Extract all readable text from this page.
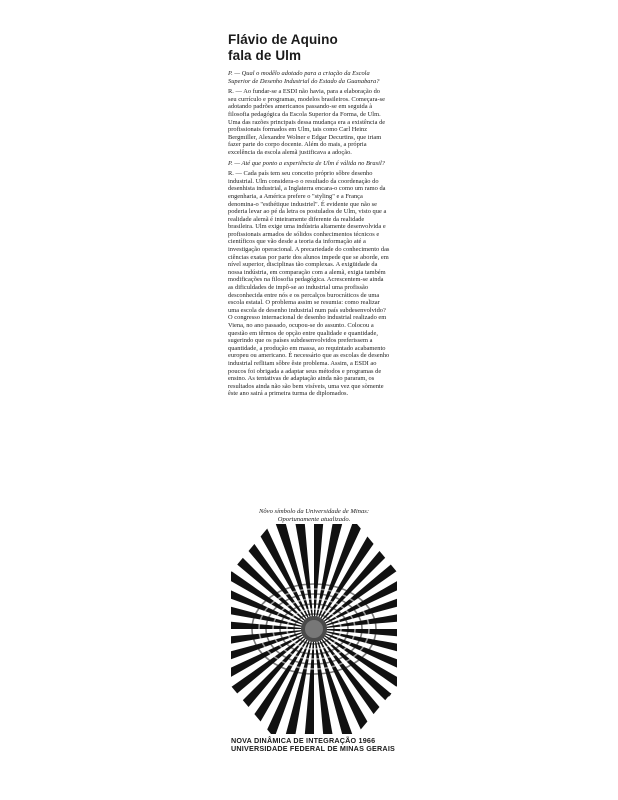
Flávio de Aquino
fala de Ulm

P. — Qual o modêlo adotado para a criação da Escola Superior de Desenho Industrial do Estado da Guanabara?

R. — Ao fundar-se a ESDI não havia, para a elaboração do seu currículo e programas, modelos brasileiros. Começara-se adotando padrões americanos passando-se em seguida à filosofia pedagógica da Escola Superior da Forma, de Ulm. Uma das razões principais dessa mudança era a existência de profissionais formados em Ulm, tais como Carl Heinz Bergmiller, Alexandre Wolner e Edgar Decurtins, que iriam fazer parte do corpo docente. Além do mais, a própria excelência da escola alemã justificava a adoção.

P. — Até que ponto a experiência de Ulm é válida no Brasil?

R. — Cada país tem seu conceito próprio sôbre desenho industrial. Ulm considera-o o resultado da coordenação do desenhista industrial, a Inglaterra encara-o como um ramo da engenharia, a América prefere o "styling" e a França denomina-o "esthétique industriel". É evidente que não se poderia levar ao pé da letra os postulados de Ulm, visto que a realidade alemã é inteiramente diferente da realidade brasileira. Ulm exige uma indústria altamente desenvolvida e profissionais armados de sólidos conhecimentos técnicos e científicos que vão desde a teoria da informação até a investigação operacional. A precariedade do conhecimento das ciências exatas por parte dos alunos impede que se aborde, em nível superior, disciplinas tão complexas. A exigüidade da nossa indústria, em comparação com a alemã, exigia também modificações na filosofia pedagógica. Acrescentem-se ainda as dificuldades de impô-se ao industrial uma profissão desconhecida entre nós e os percalços burocráticos de uma escola estatal. O problema assim se resumia: como realizar uma escola de desenho industrial num país subdesenvolvido? O congresso internacional de desenho industrial realizado em Viena, no ano passado, ocupou-se do assunto. Colocou a questão em têrmos de opção entre qualidade e quantidade, sugerindo que os países subdesenvolvidos preferissem a quantidade, a produção em massa, ao requintado acabamento europeu ou americano. É necessário que as escolas de desenho industrial reflitam sôbre êste problema. Assim, a ESDI ao poucos foi obrigada a adaptar seus métodos e programas de ensino. As tentativas de adaptação ainda não pararam, os resultados ainda não são bem visíveis, uma vez que sòmente êste ano sairá a primeira turma de diplomados.

Nôvo símbolo da Universidade de Minas:
Oportunamente atualizado.
NOVA DINÂMICA DE INTEGRAÇÃO 1966
UNIVERSIDADE FEDERAL DE MINAS GERAIS
